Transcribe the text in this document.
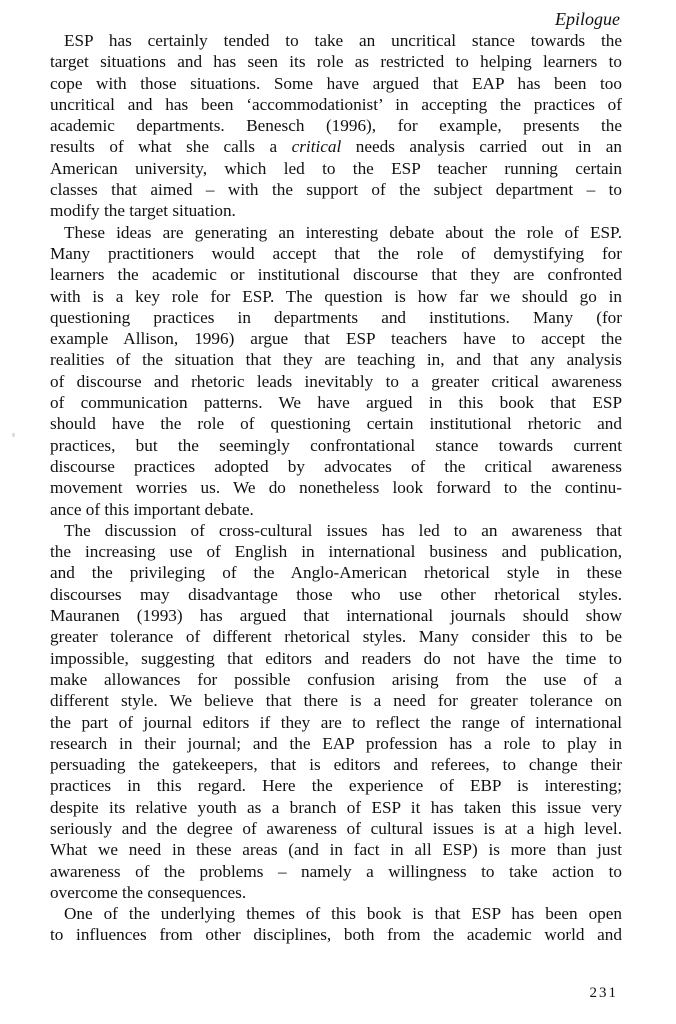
Epilogue
ESP has certainly tended to take an uncritical stance towards the
target situations and has seen its role as restricted to helping learners to
cope with those situations. Some have argued that EAP has been too
uncritical and has been ‘accommodationist’ in accepting the practices of
academic departments. Benesch (1996), for example, presents the
results of what she calls a critical needs analysis carried out in an
American university, which led to the ESP teacher running certain
classes that aimed – with the support of the subject department – to
modify the target situation.
These ideas are generating an interesting debate about the role of ESP.
Many practitioners would accept that the role of demystifying for
learners the academic or institutional discourse that they are confronted
with is a key role for ESP. The question is how far we should go in
questioning practices in departments and institutions. Many (for
example Allison, 1996) argue that ESP teachers have to accept the
realities of the situation that they are teaching in, and that any analysis
of discourse and rhetoric leads inevitably to a greater critical awareness
of communication patterns. We have argued in this book that ESP
should have the role of questioning certain institutional rhetoric and
practices, but the seemingly confrontational stance towards current
discourse practices adopted by advocates of the critical awareness
movement worries us. We do nonetheless look forward to the continu-
ance of this important debate.
The discussion of cross-cultural issues has led to an awareness that
the increasing use of English in international business and publication,
and the privileging of the Anglo-American rhetorical style in these
discourses may disadvantage those who use other rhetorical styles.
Mauranen (1993) has argued that international journals should show
greater tolerance of different rhetorical styles. Many consider this to be
impossible, suggesting that editors and readers do not have the time to
make allowances for possible confusion arising from the use of a
different style. We believe that there is a need for greater tolerance on
the part of journal editors if they are to reflect the range of international
research in their journal; and the EAP profession has a role to play in
persuading the gatekeepers, that is editors and referees, to change their
practices in this regard. Here the experience of EBP is interesting;
despite its relative youth as a branch of ESP it has taken this issue very
seriously and the degree of awareness of cultural issues is at a high level.
What we need in these areas (and in fact in all ESP) is more than just
awareness of the problems – namely a willingness to take action to
overcome the consequences.
One of the underlying themes of this book is that ESP has been open
to influences from other disciplines, both from the academic world and
231
